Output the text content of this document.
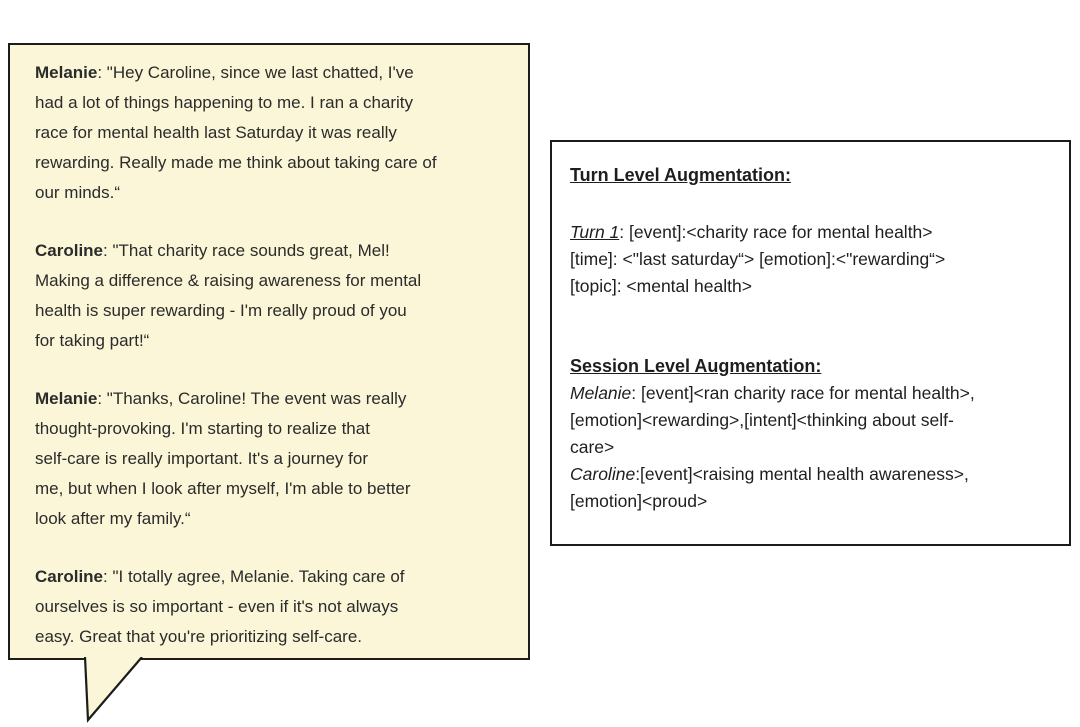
Melanie: "Hey Caroline, since we last chatted, I've
had a lot of things happening to me. I ran a charity
race for mental health last Saturday it was really
rewarding. Really made me think about taking care of
our minds.“

Caroline: "That charity race sounds great, Mel!
Making a difference & raising awareness for mental
health is super rewarding - I'm really proud of you
for taking part!“

Melanie: "Thanks, Caroline! The event was really
thought-provoking. I'm starting to realize that
self-care is really important. It's a journey for
me, but when I look after myself, I'm able to better
look after my family.“

Caroline: "I totally agree, Melanie. Taking care of
ourselves is so important - even if it's not always
easy. Great that you're prioritizing self-care.

Turn Level Augmentation:
Turn 1: [event]:<charity race for mental health>
[time]: <"last saturday“> [emotion]:<"rewarding“>
[topic]: <mental health>
Session Level Augmentation:
Melanie: [event]<ran charity race for mental health>,
[emotion]<rewarding>,[intent]<thinking about self-
care>
Caroline:[event]<raising mental health awareness>,
[emotion]<proud>
